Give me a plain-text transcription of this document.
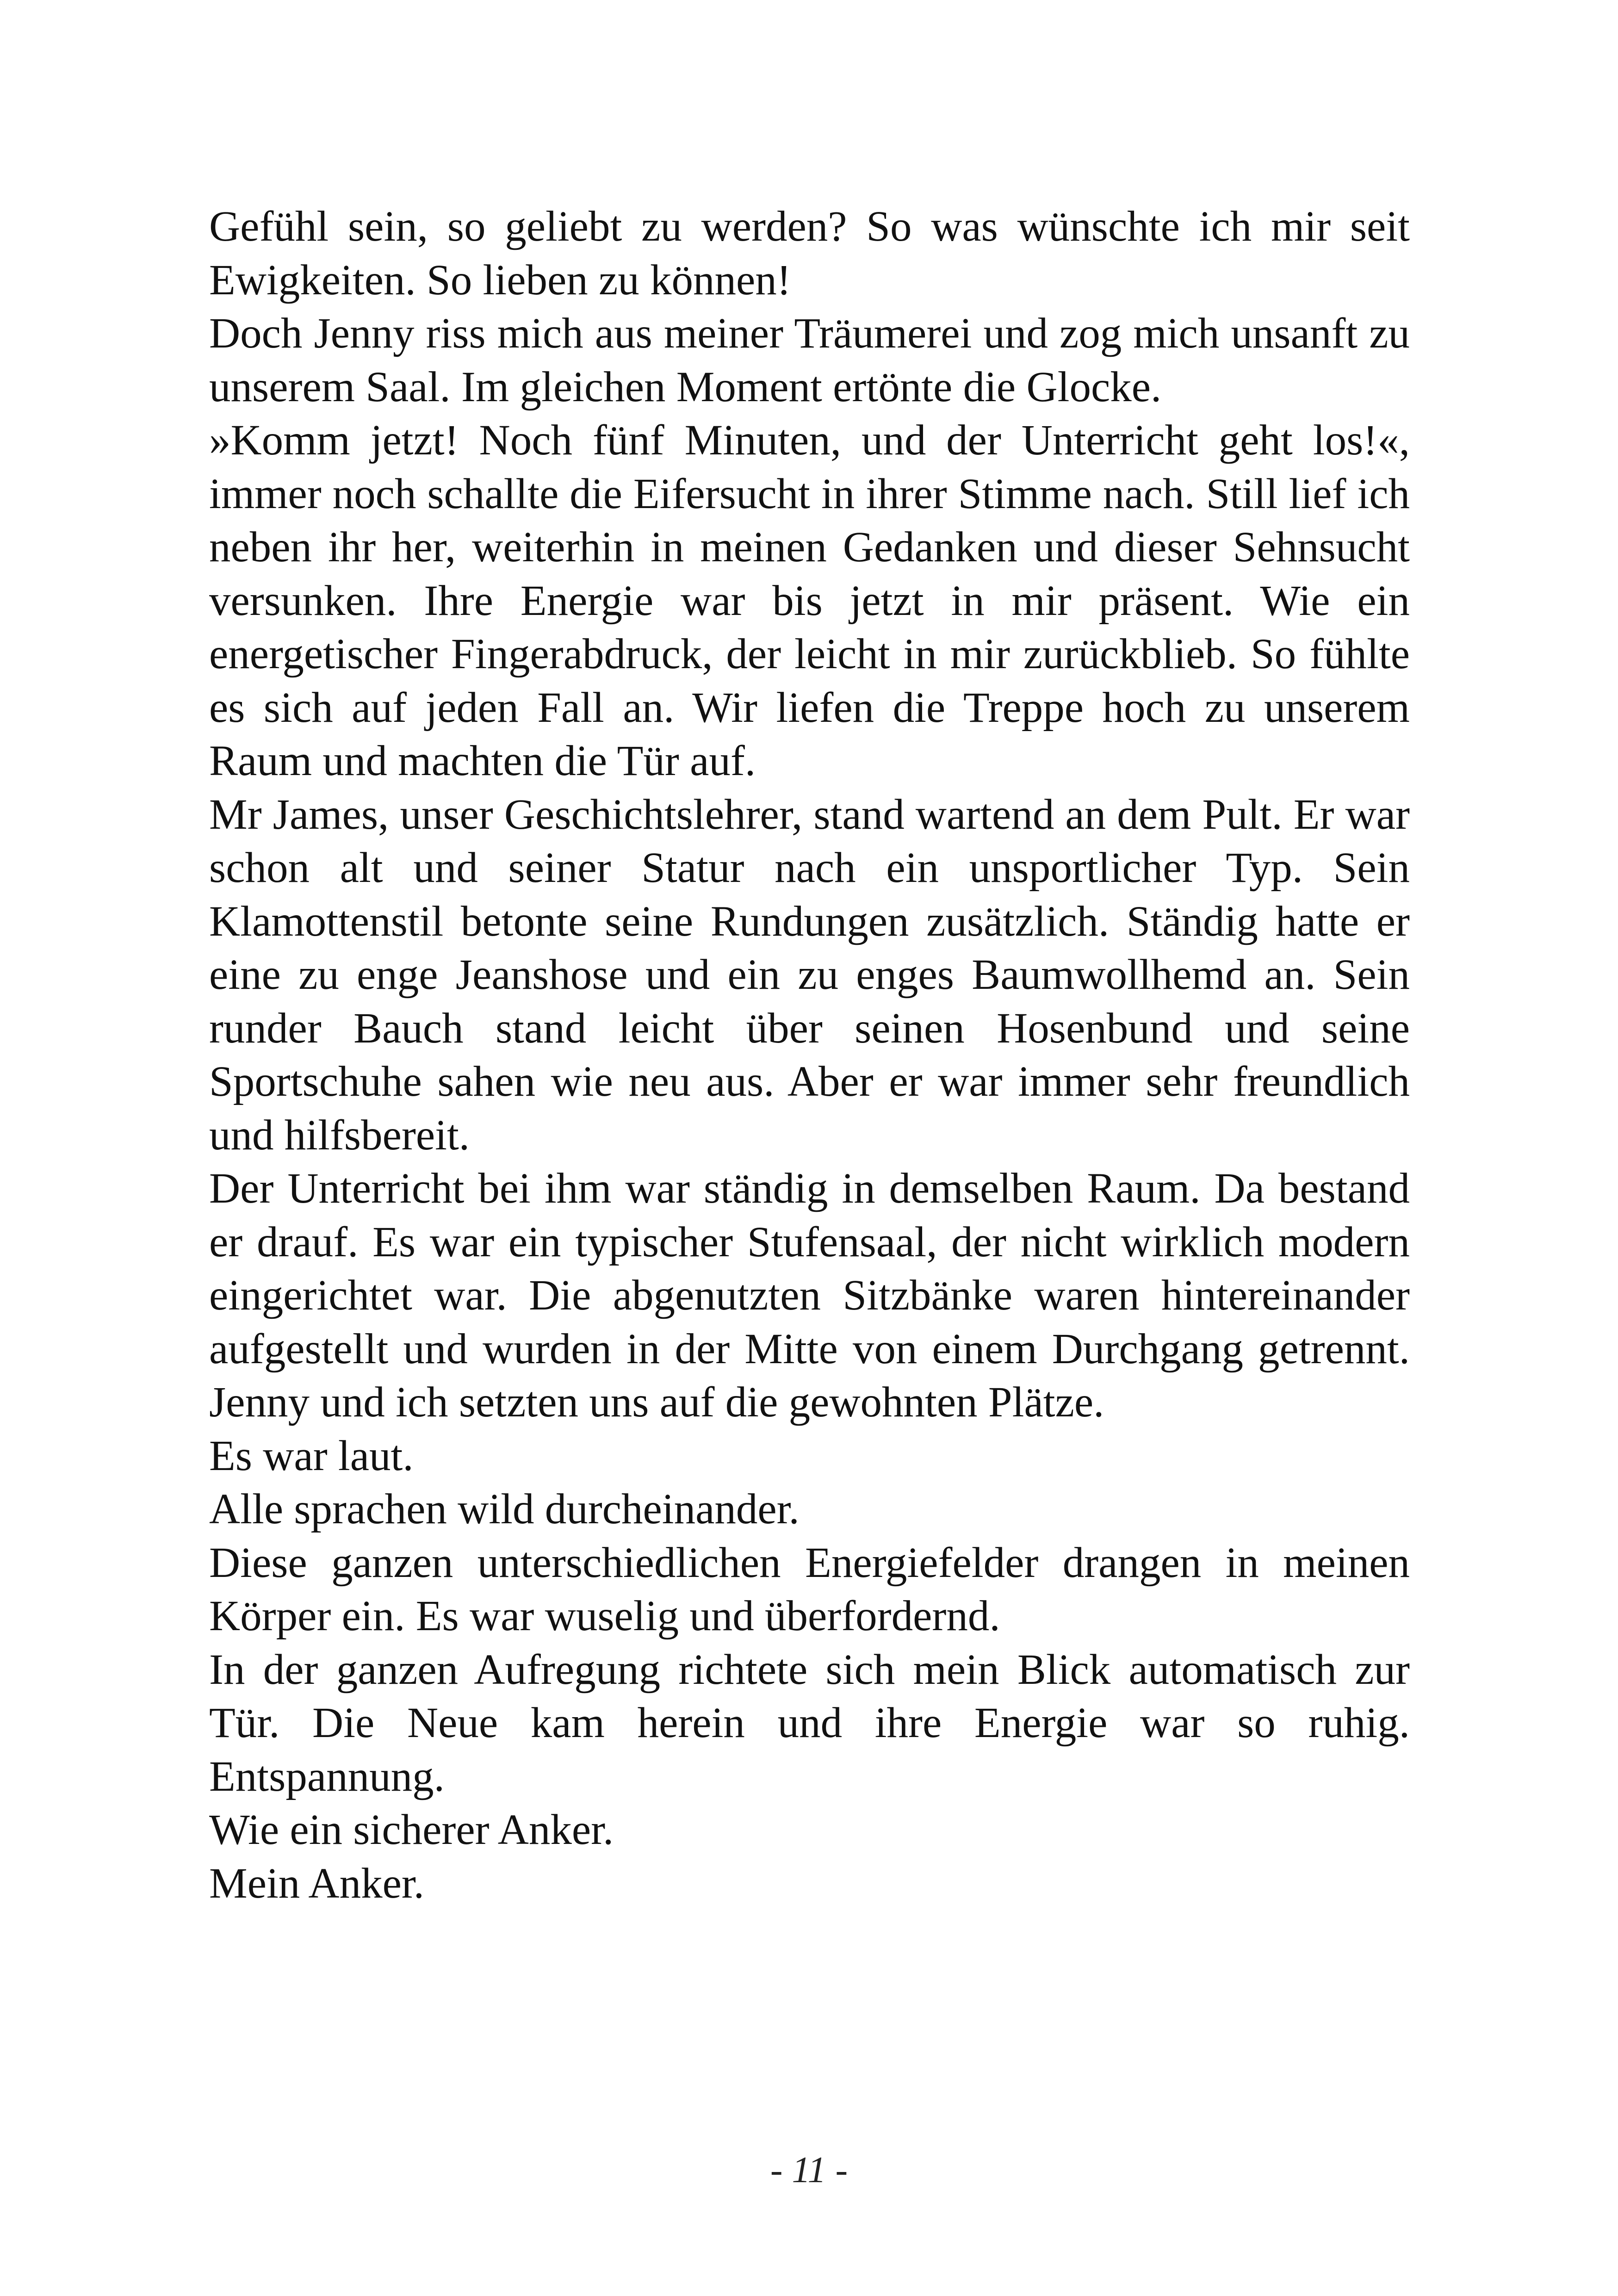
Gefühl sein, so geliebt zu werden? So was wünschte ich mir seit Ewigkeiten. So lieben zu können!

Doch Jenny riss mich aus meiner Träumerei und zog mich unsanft zu unserem Saal. Im gleichen Moment ertönte die Glocke.

»Komm jetzt! Noch fünf Minuten, und der Unterricht geht los!«, immer noch schallte die Eifersucht in ihrer Stimme nach. Still lief ich neben ihr her, weiterhin in meinen Gedanken und dieser Sehnsucht versunken. Ihre Energie war bis jetzt in mir präsent. Wie ein energetischer Fingerabdruck, der leicht in mir zurückblieb. So fühlte es sich auf jeden Fall an. Wir liefen die Treppe hoch zu unserem Raum und machten die Tür auf.

Mr James, unser Geschichtslehrer, stand wartend an dem Pult. Er war schon alt und seiner Statur nach ein unsportlicher Typ. Sein Klamottenstil betonte seine Rundungen zusätzlich. Ständig hatte er eine zu enge Jeanshose und ein zu enges Baumwollhemd an. Sein runder Bauch stand leicht über seinen Hosenbund und seine Sportschuhe sahen wie neu aus. Aber er war immer sehr freundlich und hilfsbereit.

Der Unterricht bei ihm war ständig in demselben Raum. Da bestand er drauf. Es war ein typischer Stufensaal, der nicht wirklich modern eingerichtet war. Die abgenutzten Sitzbänke waren hintereinander aufgestellt und wurden in der Mitte von einem Durchgang getrennt. Jenny und ich setzten uns auf die gewohnten Plätze.

Es war laut.

Alle sprachen wild durcheinander.

Diese ganzen unterschiedlichen Energiefelder drangen in meinen Körper ein. Es war wuselig und überfordernd.

In der ganzen Aufregung richtete sich mein Blick automatisch zur Tür. Die Neue kam herein und ihre Energie war so ruhig. Entspannung.

Wie ein sicherer Anker.

Mein Anker.

- 11 -
